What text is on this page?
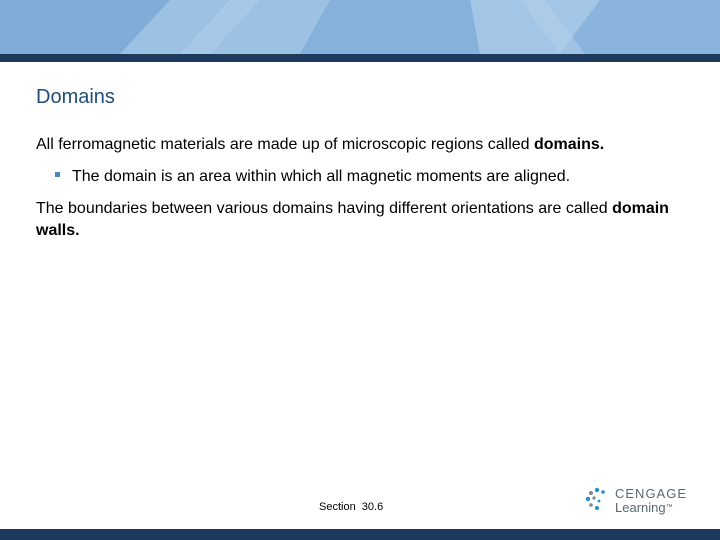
Domains

All ferromagnetic materials are made up of microscopic regions called domains.

The domain is an area within which all magnetic moments are aligned.

The boundaries between various domains having different orientations are called domain walls.

Section  30.6
CENGAGE
Learning™
